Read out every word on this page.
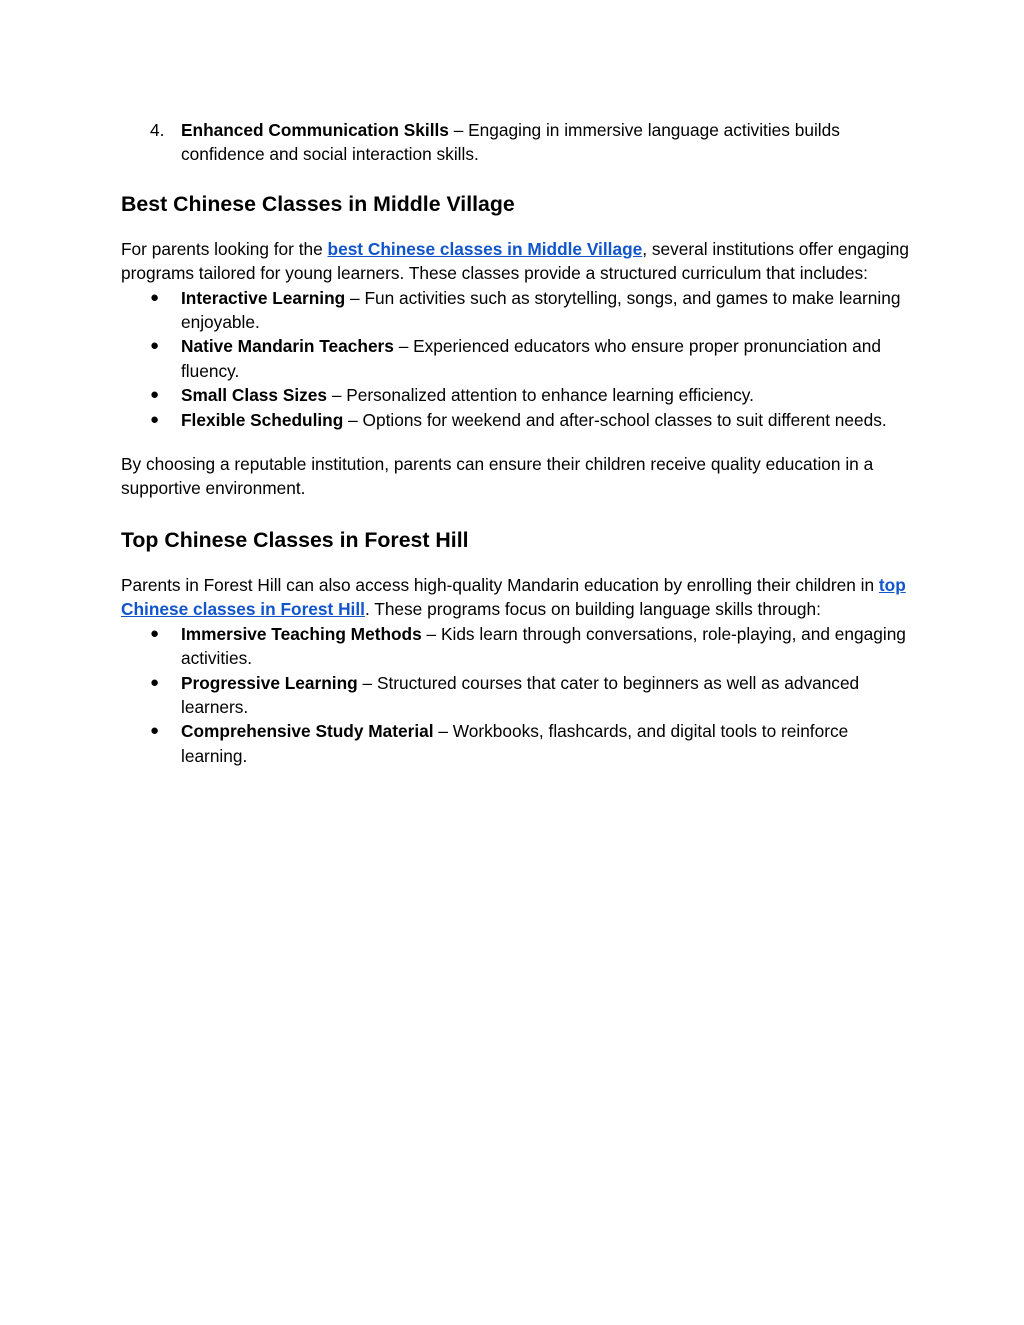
4. Enhanced Communication Skills – Engaging in immersive language activities builds confidence and social interaction skills.
Best Chinese Classes in Middle Village

For parents looking for the best Chinese classes in Middle Village, several institutions offer engaging programs tailored for young learners. These classes provide a structured curriculum that includes:

●	Interactive Learning – Fun activities such as storytelling, songs, and games to make learning enjoyable.
●	Native Mandarin Teachers – Experienced educators who ensure proper pronunciation and fluency.
●	Small Class Sizes – Personalized attention to enhance learning efficiency.
●	Flexible Scheduling – Options for weekend and after-school classes to suit different needs.

By choosing a reputable institution, parents can ensure their children receive quality education in a supportive environment.

Top Chinese Classes in Forest Hill

Parents in Forest Hill can also access high-quality Mandarin education by enrolling their children in top Chinese classes in Forest Hill. These programs focus on building language skills through:

●	Immersive Teaching Methods – Kids learn through conversations, role-playing, and engaging activities.
●	Progressive Learning – Structured courses that cater to beginners as well as advanced learners.
●	Comprehensive Study Material – Workbooks, flashcards, and digital tools to reinforce learning.
